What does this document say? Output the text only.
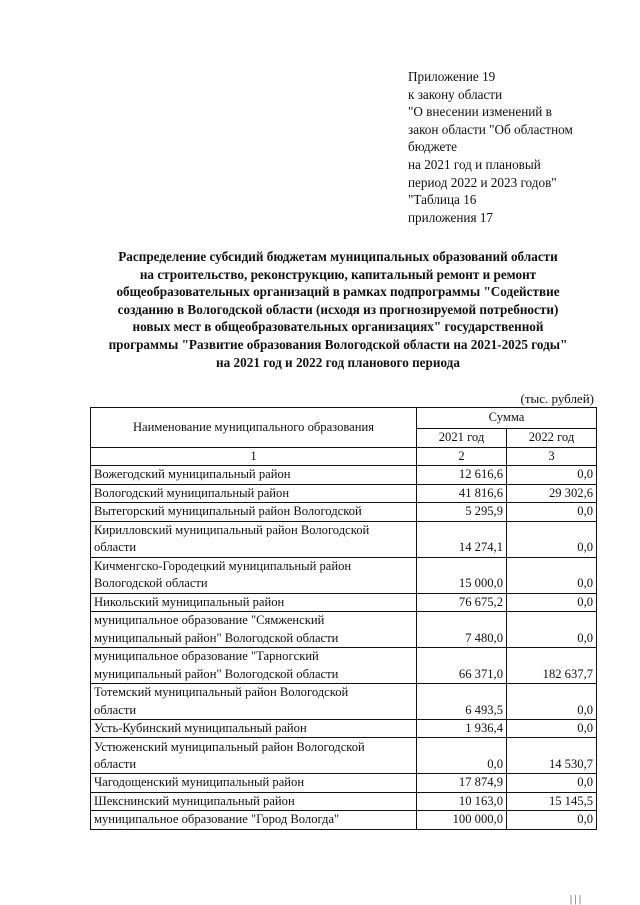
Приложение 19
к закону области
"О внесении изменений в
закон области "Об областном
бюджете
на 2021 год и плановый
период 2022 и 2023 годов"
"Таблица 16
приложения 17
Распределение субсидий бюджетам муниципальных образований области
на строительство, реконструкцию, капитальный ремонт и ремонт
общеобразовательных организаций в рамках подпрограммы "Содействие
созданию в Вологодской области (исходя из прогнозируемой потребности)
новых мест в общеобразовательных организациях" государственной
программы "Развитие образования Вологодской области на 2021-2025 годы"
на 2021 год и 2022 год планового периода
(тыс. рублей)
Наименование муниципального образования	Сумма	
	2021 год	2022 год
1	2	3

Вожегодский муниципальный район	12 616,6	0,0

Вологодский муниципальный район	41 816,6	29 302,6

Вытегорский муниципальный район Вологодской	5 295,9	0,0

Кирилловский муниципальный район Вологодской
области	14 274,1	0,0

Кичменгско-Городецкий муниципальный район
Вологодской области	15 000,0	0,0

Никольский муниципальный район	76 675,2	0,0

муниципальное образование "Сямженский
муниципальный район" Вологодской области	7 480,0	0,0

муниципальное образование "Тарногский
муниципальный район" Вологодской области	66 371,0	182 637,7

Тотемский муниципальный район Вологодской
области	6 493,5	0,0

Усть-Кубинский муниципальный район	1 936,4	0,0

Устюженский муниципальный район Вологодской
области	0,0	14 530,7

Чагодощенский муниципальный район	17 874,9	0,0

Шекснинский муниципальный район	10 163,0	15 145,5

муниципальное образование "Город Вологда"	100 000,0	0,0
| | |
